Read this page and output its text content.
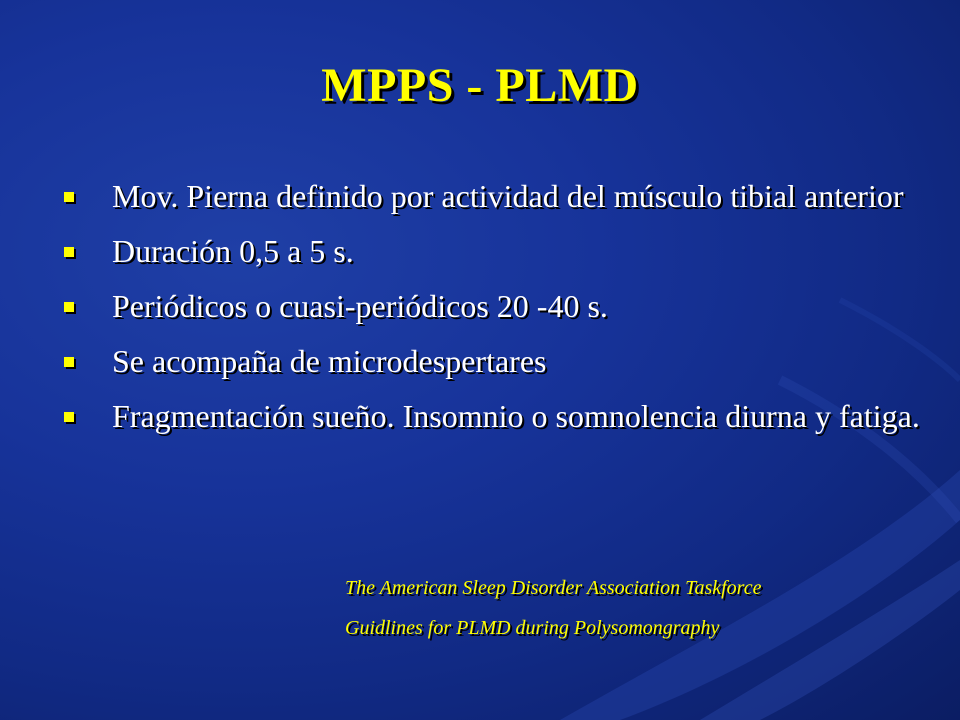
MPPS - PLMD
Mov. Pierna definido por actividad del músculo tibial anterior
Duración 0,5 a 5 s.
Periódicos o cuasi-periódicos 20 -40 s.
Se acompaña de microdespertares
Fragmentación sueño. Insomnio o somnolencia diurna y fatiga.
The American Sleep Disorder Association Taskforce
Guidlines for PLMD during Polysomongraphy
